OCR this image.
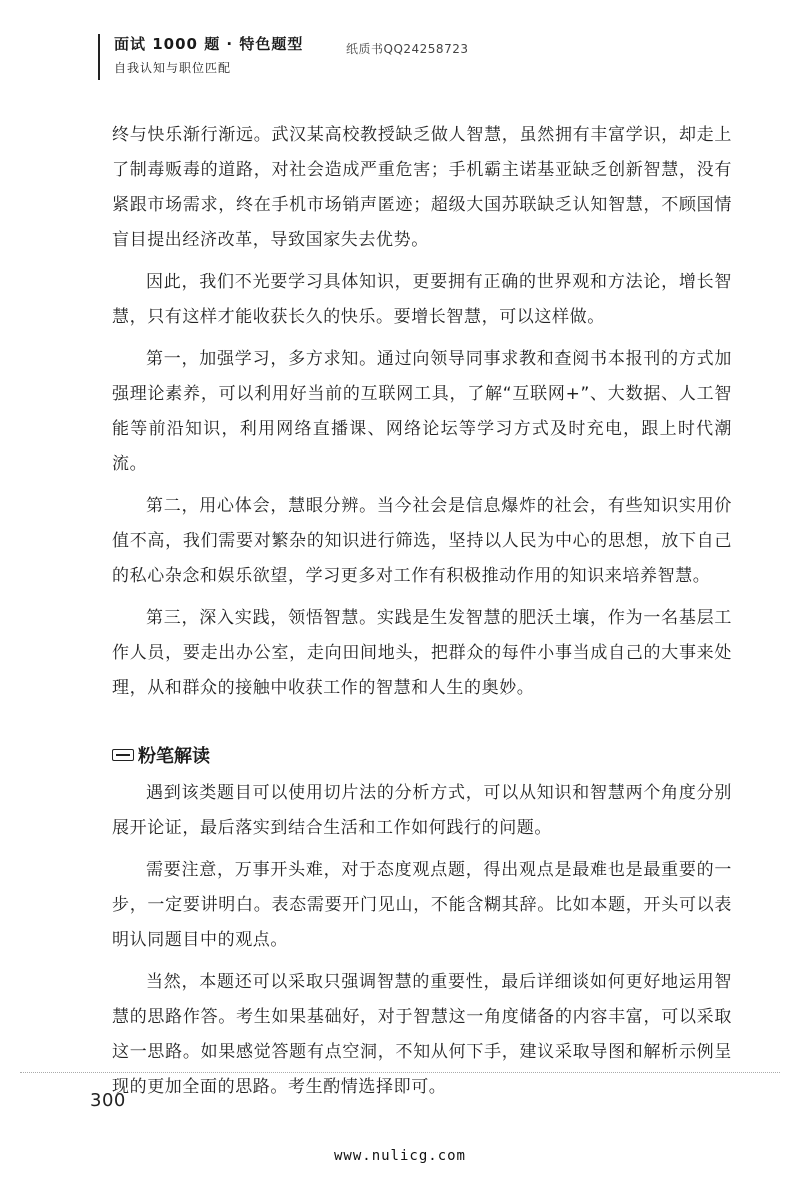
面试 1000 题 · 特色题型
自我认知与职位匹配
纸质书QQ24258723

终与快乐渐行渐远。武汉某高校教授缺乏做人智慧，虽然拥有丰富学识，却走上了制毒贩毒的道路，对社会造成严重危害；手机霸主诺基亚缺乏创新智慧，没有紧跟市场需求，终在手机市场销声匿迹；超级大国苏联缺乏认知智慧，不顾国情盲目提出经济改革，导致国家失去优势。

因此，我们不光要学习具体知识，更要拥有正确的世界观和方法论，增长智慧，只有这样才能收获长久的快乐。要增长智慧，可以这样做。

第一，加强学习，多方求知。通过向领导同事求教和查阅书本报刊的方式加强理论素养，可以利用好当前的互联网工具，了解“互联网+”、大数据、人工智能等前沿知识，利用网络直播课、网络论坛等学习方式及时充电，跟上时代潮流。

第二，用心体会，慧眼分辨。当今社会是信息爆炸的社会，有些知识实用价值不高，我们需要对繁杂的知识进行筛选，坚持以人民为中心的思想，放下自己的私心杂念和娱乐欲望，学习更多对工作有积极推动作用的知识来培养智慧。

第三，深入实践，领悟智慧。实践是生发智慧的肥沃土壤，作为一名基层工作人员，要走出办公室，走向田间地头，把群众的每件小事当成自己的大事来处理，从和群众的接触中收获工作的智慧和人生的奥妙。

粉笔解读

遇到该类题目可以使用切片法的分析方式，可以从知识和智慧两个角度分别展开论证，最后落实到结合生活和工作如何践行的问题。

需要注意，万事开头难，对于态度观点题，得出观点是最难也是最重要的一步，一定要讲明白。表态需要开门见山，不能含糊其辞。比如本题，开头可以表明认同题目中的观点。

当然，本题还可以采取只强调智慧的重要性，最后详细谈如何更好地运用智慧的思路作答。考生如果基础好，对于智慧这一角度储备的内容丰富，可以采取这一思路。如果感觉答题有点空洞，不知从何下手，建议采取导图和解析示例呈现的更加全面的思路。考生酌情选择即可。

300
www.nulicg.com
